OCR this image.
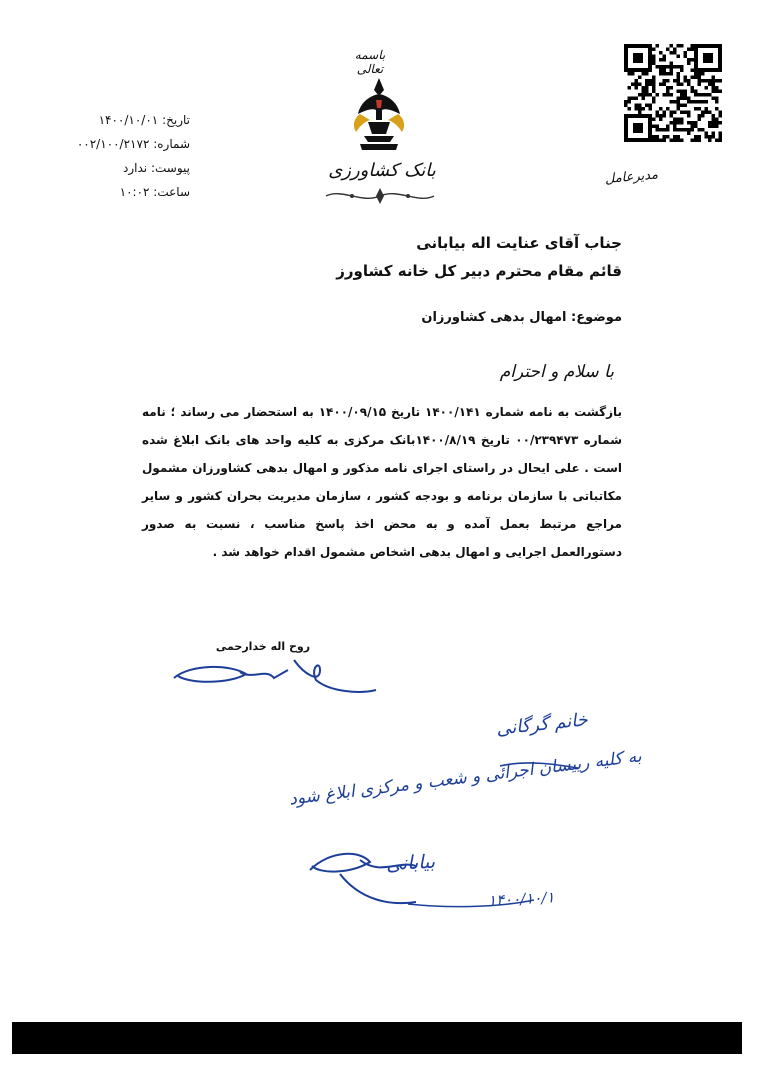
تاریخ: ۱۴۰۰/۱۰/۰۱
شماره: ۰۰۲/۱۰۰/۲۱۷۲
پیوست: ندارد
ساعت: ۱۰:۰۲
باسمه تعالی
بانک کشاورزی	مدیرعامل
جناب آقای عنایت اله بیابانی
قائم مقام محترم دبیر کل خانه کشاورز
موضوع: امهال بدهی کشاورزان
با سلام و احترام
بازگشت به نامه شماره ۱۴۰۰/۱۴۱ تاریخ ۱۴۰۰/۰۹/۱۵ به استحضار می رساند ؛ نامه شماره ۰۰/۲۳۹۴۷۳ تاریخ ۱۴۰۰/۸/۱۹بانک مرکزی به کلیه واحد های بانک ابلاغ شده است . علی ایحال در راستای اجرای نامه مذکور و امهال بدهی کشاورزان مشمول مکاتباتی با سازمان برنامه و بودجه کشور ، سازمان مدیریت بحران کشور و سایر مراجع مرتبط بعمل آمده و به محض اخذ پاسخ مناسب ، نسبت به صدور دستورالعمل اجرایی و امهال بدهی اشخاص مشمول اقدام خواهد شد .
روح اله خدارحمی
خانم گرگانی
به کلیه رییسان اجرائی و شعب و مرکزی ابلاغ شود
بیابانی
۱۴۰۰/۱۰/۱
